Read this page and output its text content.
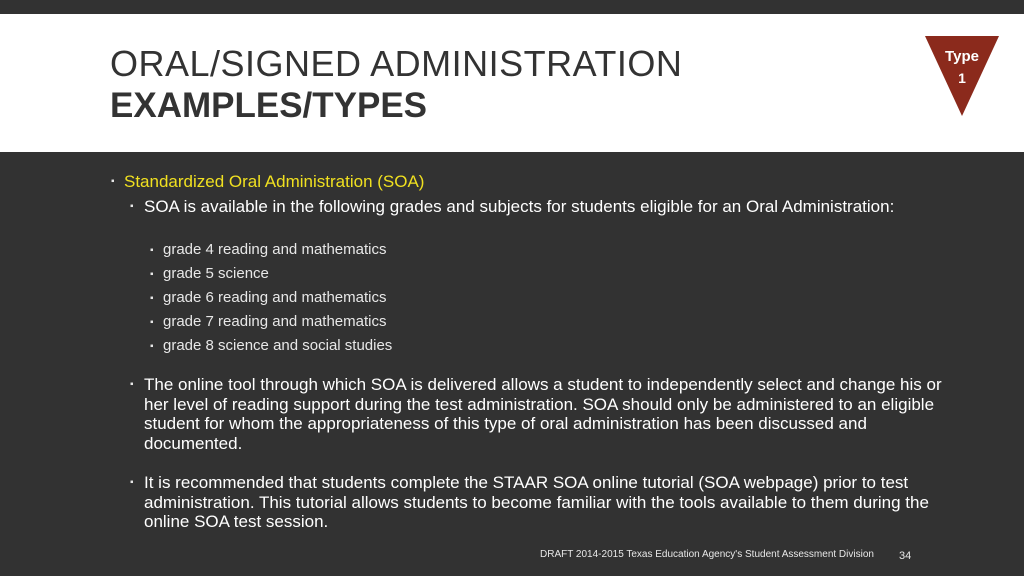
ORAL/SIGNED ADMINISTRATION
EXAMPLES/TYPES
Type
1
▪ Standardized Oral Administration (SOA)
▪ SOA is available in the following grades and subjects for students eligible for an Oral Administration:
▪ grade 4 reading and mathematics
▪ grade 5 science
▪ grade 6 reading and mathematics
▪ grade 7 reading and mathematics
▪ grade 8 science and social studies
▪ The online tool through which SOA is delivered allows a student to independently select and change his or her level of reading support during the test administration. SOA should only be administered to an eligible student for whom the appropriateness of this type of oral administration has been discussed and documented.
▪ It is recommended that students complete the STAAR SOA online tutorial (SOA webpage) prior to test administration. This tutorial allows students to become familiar with the tools available to them during the online SOA test session.
DRAFT 2014-2015 Texas Education Agency's Student Assessment Division 34
